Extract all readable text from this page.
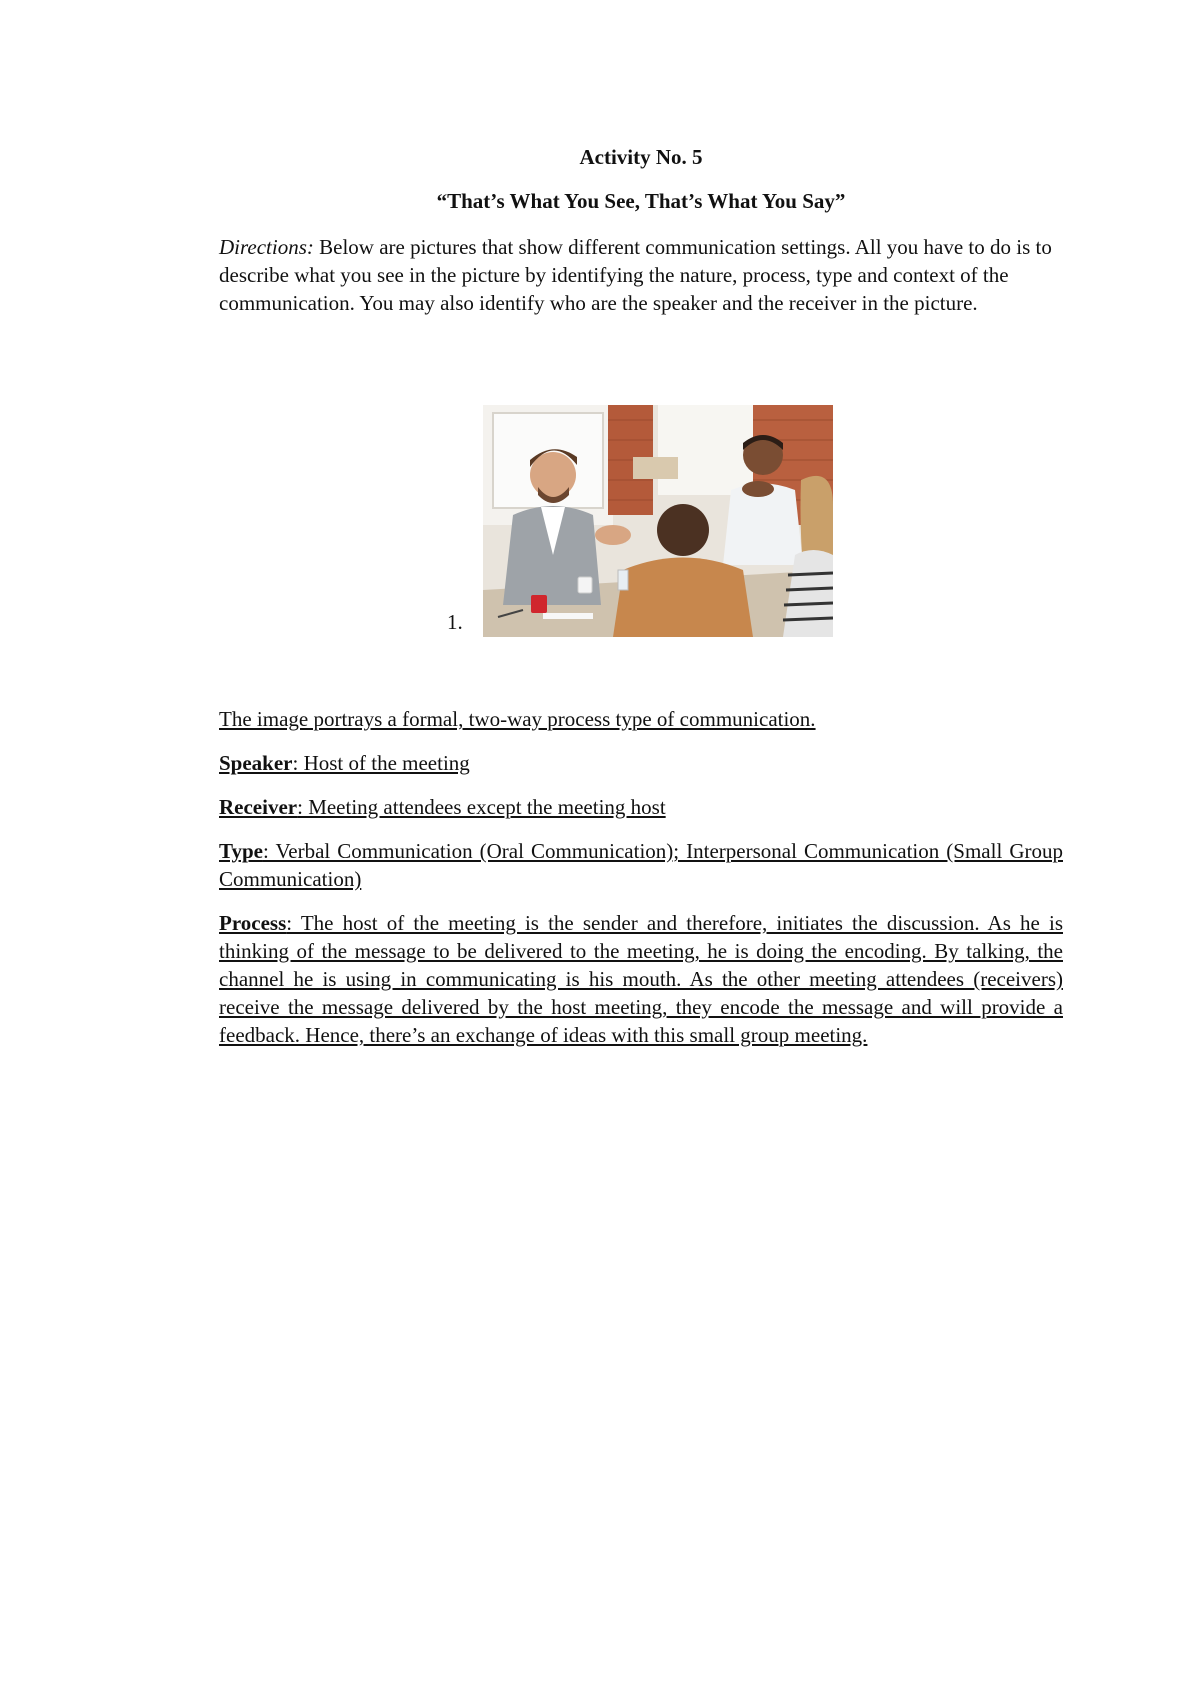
Activity No. 5

“That’s What You See, That’s What You Say”

Directions: Below are pictures that show different communication settings. All you have to do is to describe what you see in the picture by identifying the nature, process, type and context of the communication. You may also identify who are the speaker and the receiver in the picture.

1.

The image portrays a formal, two-way process type of communication.

Speaker: Host of the meeting

Receiver: Meeting attendees except the meeting host

Type: Verbal Communication (Oral Communication); Interpersonal Communication (Small Group Communication)

Process: The host of the meeting is the sender and therefore, initiates the discussion. As he is thinking of the message to be delivered to the meeting, he is doing the encoding. By talking, the channel he is using in communicating is his mouth. As the other meeting attendees (receivers) receive the message delivered by the host meeting, they encode the message and will provide a feedback. Hence, there’s an exchange of ideas with this small group meeting.
